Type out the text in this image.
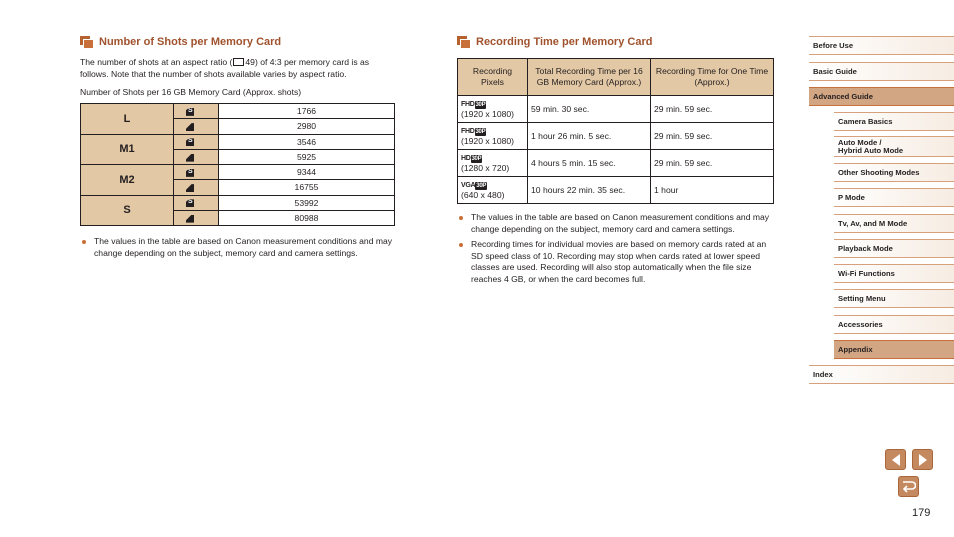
Number of Shots per Memory Card
The number of shots at an aspect ratio ( 49) of 4:3 per memory card is as follows. Note that the number of shots available varies by aspect ratio.
Number of Shots per 16 GB Memory Card (Approx. shots)
L	S	1766
		2980
M1	S	3546
		5925
M2	S	9344
		16755
S	S	53992
		80988
The values in the table are based on Canon measurement conditions and may change depending on the subject, memory card and camera settings.
Recording Time per Memory Card
Recording Pixels	Total Recording Time per 16 GB Memory Card (Approx.)	Recording Time for One Time (Approx.)
FHD30P
(1920 x 1080)	59 min. 30 sec.	29 min. 59 sec.
FHD30P
(1920 x 1080)	1 hour 26 min. 5 sec.	29 min. 59 sec.
HD30P
(1280 x 720)	4 hours 5 min. 15 sec.	29 min. 59 sec.
VGA30P
(640 x 480)	10 hours 22 min. 35 sec.	1 hour
The values in the table are based on Canon measurement conditions and may change depending on the subject, memory card and camera settings.
Recording times for individual movies are based on memory cards rated at an SD speed class of 10. Recording may stop when cards rated at lower speed classes are used. Recording will also stop automatically when the file size reaches 4 GB, or when the card becomes full.
Before Use
Basic Guide
Advanced Guide
Camera Basics
Auto Mode /
Hybrid Auto Mode
Other Shooting Modes
P Mode
Tv, Av, and M Mode
Playback Mode
Wi-Fi Functions
Setting Menu
Accessories
Appendix
Index
179
